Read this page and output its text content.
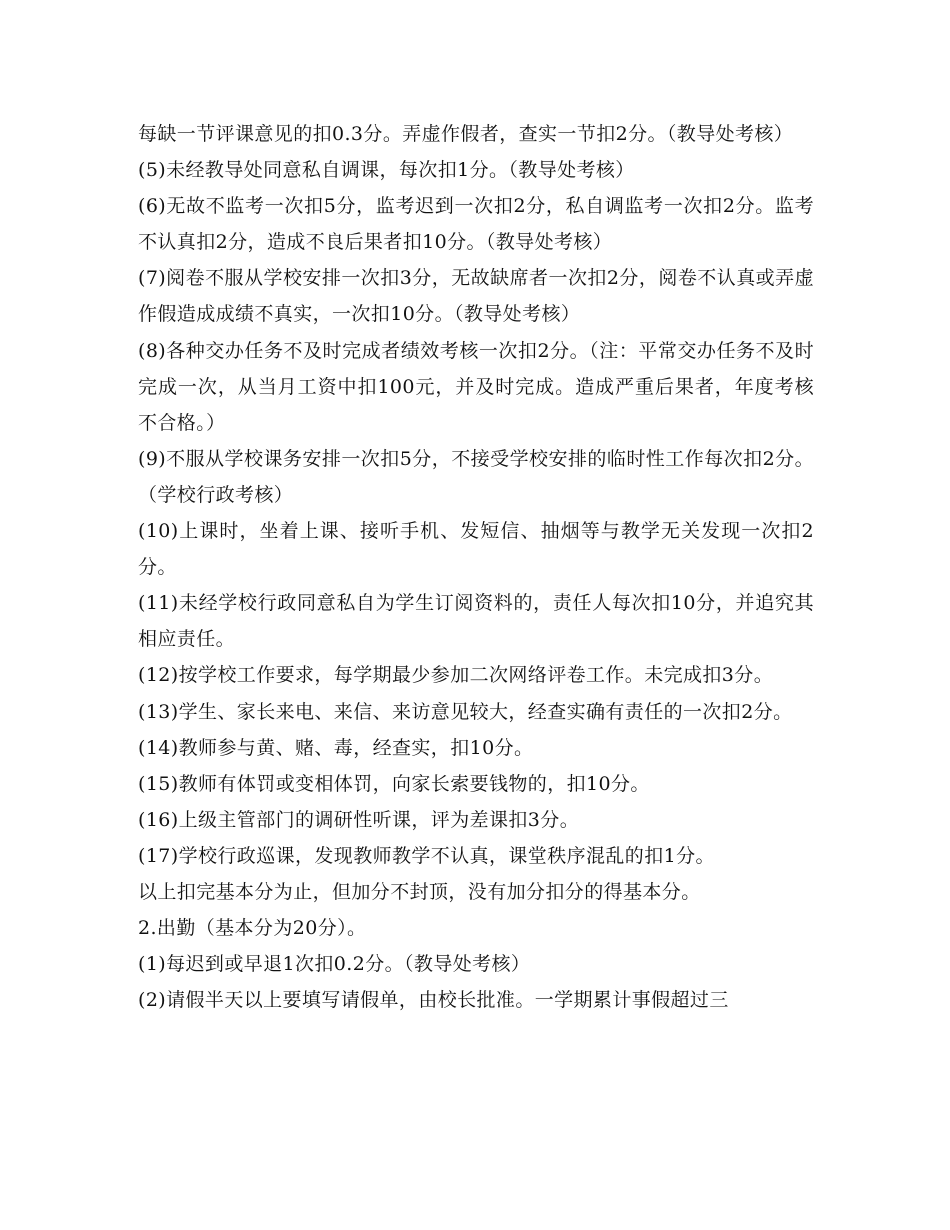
每缺一节评课意见的扣0.3分。弄虚作假者，查实一节扣2分。（教导处考核）

(5)未经教导处同意私自调课，每次扣1分。（教导处考核）

(6)无故不监考一次扣5分，监考迟到一次扣2分，私自调监考一次扣2分。监考不认真扣2分，造成不良后果者扣10分。（教导处考核）

(7)阅卷不服从学校安排一次扣3分，无故缺席者一次扣2分，阅卷不认真或弄虚作假造成成绩不真实，一次扣10分。（教导处考核）

(8)各种交办任务不及时完成者绩效考核一次扣2分。（注：平常交办任务不及时完成一次，从当月工资中扣100元，并及时完成。造成严重后果者，年度考核不合格。）

(9)不服从学校课务安排一次扣5分，不接受学校安排的临时性工作每次扣2分。（学校行政考核）

(10)上课时，坐着上课、接听手机、发短信、抽烟等与教学无关发现一次扣2分。

(11)未经学校行政同意私自为学生订阅资料的，责任人每次扣10分，并追究其相应责任。

(12)按学校工作要求，每学期最少参加二次网络评卷工作。未完成扣3分。

(13)学生、家长来电、来信、来访意见较大，经查实确有责任的一次扣2分。

(14)教师参与黄、赌、毒，经查实，扣10分。

(15)教师有体罚或变相体罚，向家长索要钱物的，扣10分。

(16)上级主管部门的调研性听课，评为差课扣3分。

(17)学校行政巡课，发现教师教学不认真，课堂秩序混乱的扣1分。

以上扣完基本分为止，但加分不封顶，没有加分扣分的得基本分。

2.出勤（基本分为20分）。

(1)每迟到或早退1次扣0.2分。（教导处考核）

(2)请假半天以上要填写请假单，由校长批准。一学期累计事假超过三
